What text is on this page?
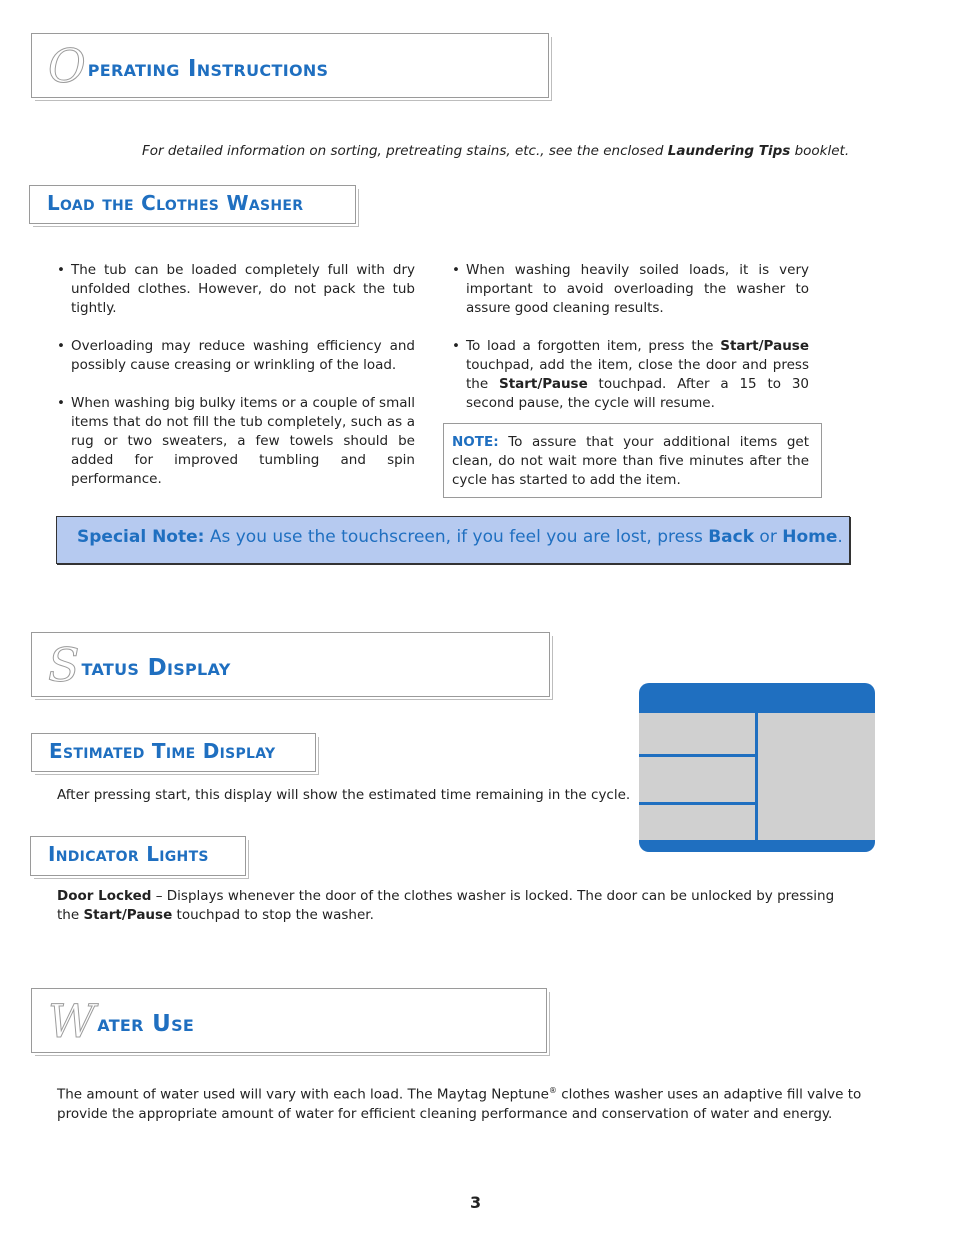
Operating Instructions
For detailed information on sorting, pretreating stains, etc., see the enclosed Laundering Tips booklet.
Load the Clothes Washer
• The tub can be loaded completely full with dry unfolded clothes. However, do not pack the tub tightly.
• Overloading may reduce washing efficiency and possibly cause creasing or wrinkling of the load.
• When washing big bulky items or a couple of small items that do not fill the tub completely, such as a rug or two sweaters, a few towels should be added for improved tumbling and spin performance.
• When washing heavily soiled loads, it is very important to avoid overloading the washer to assure good cleaning results.
• To load a forgotten item, press the Start/Pause touchpad, add the item, close the door and press the Start/Pause touchpad. After a 15 to 30 second pause, the cycle will resume.
NOTE: To assure that your additional items get clean, do not wait more than five minutes after the cycle has started to add the item.
Special Note: As you use the touchscreen, if you feel you are lost, press Back or Home.
Status Display
Estimated Time Display
After pressing start, this display will show the estimated time remaining in the cycle.
Indicator Lights
Door Locked – Displays whenever the door of the clothes washer is locked. The door can be unlocked by pressing the Start/Pause touchpad to stop the washer.
Water Use
The amount of water used will vary with each load. The Maytag Neptune® clothes washer uses an adaptive fill valve to provide the appropriate amount of water for efficient cleaning performance and conservation of water and energy.
3
